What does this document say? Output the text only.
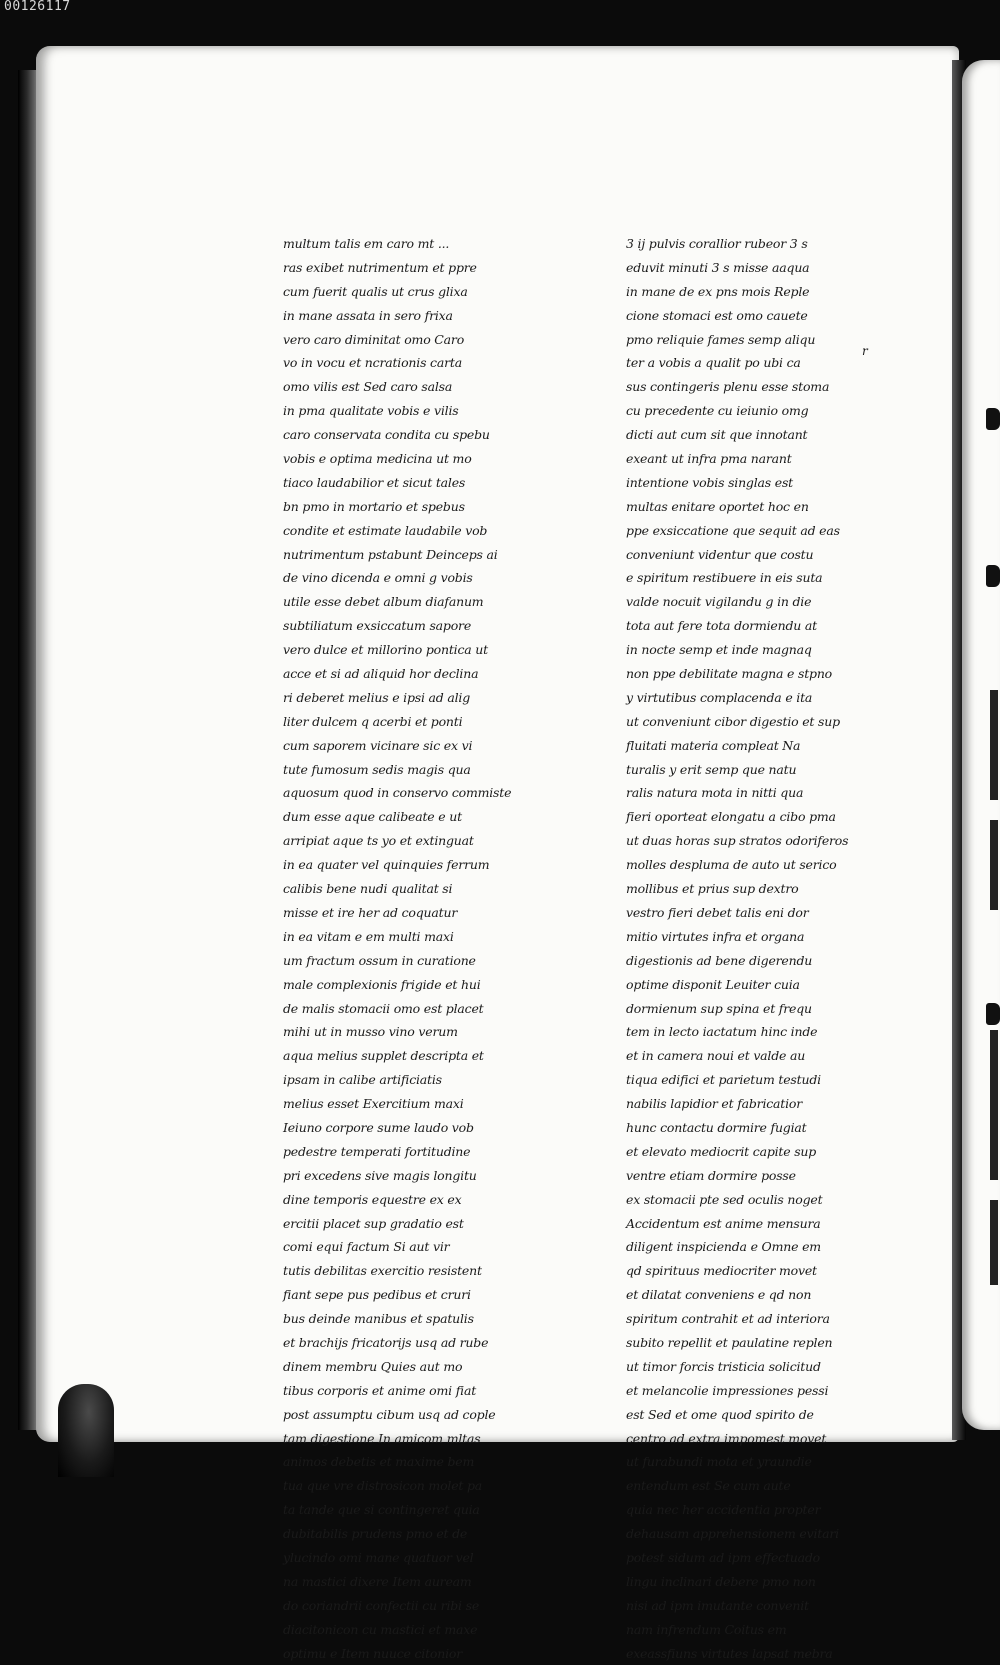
00126117
multum talis em caro mt ...
ras exibet nutrimentum et ppre
cum fuerit qualis ut crus glixa
in mane assata in sero frixa
vero caro diminitat omo Caro
vo in vocu et ncrationis carta
omo vilis est Sed caro salsa
in pma qualitate vobis e vilis
caro conservata condita cu spebu
vobis e optima medicina ut mo
tiaco laudabilior et sicut tales
bn pmo in mortario et spebus
condite et estimate laudabile vob
nutrimentum pstabunt Deinceps ai
de vino dicenda e omni g vobis
utile esse debet album diafanum
subtiliatum exsiccatum sapore
vero dulce et millorino pontica ut
acce et si ad aliquid hor declina
ri deberet melius e ipsi ad alig
liter dulcem q acerbi et ponti
cum saporem vicinare sic ex vi
tute fumosum sedis magis qua
aquosum quod in conservo commiste
dum esse aque calibeate e ut
arripiat aque ts yo et extinguat
in ea quater vel quinquies ferrum
calibis bene nudi qualitat si
misse et ire her ad coquatur
in ea vitam e em multi maxi
um fractum ossum in curatione
male complexionis frigide et hui
de malis stomacii omo est placet
mihi ut in musso vino verum
aqua melius supplet descripta et
ipsam in calibe artificiatis
melius esset Exercitium maxi
Ieiuno corpore sume laudo vob
pedestre temperati fortitudine
pri excedens sive magis longitu
dine temporis equestre ex ex
ercitii placet sup gradatio est
comi equi factum Si aut vir
tutis debilitas exercitio resistent
fiant sepe pus pedibus et cruri
bus deinde manibus et spatulis
et brachijs fricatorijs usq ad rube
dinem membru Quies aut mo
tibus corporis et anime omi fiat
post assumptu cibum usq ad cople
tam digestione In amicom mltas
animos debetis et maxime bem
tua que vre distrosicon molet pa
ta tande que si contingeret quia
dubitabilis prudens pmo et de
ylucindo omi mane quatuor vel
na mastici dixere Item auream
do coriandrii confectii cu ribi se
diacitonicon cu mastici et maxe
optimu e Item nuuce citonior
3 ij pulvis corallior rubeor 3 s
eduvit minuti 3 s misse aaqua
in mane de ex pns mois Reple
cione stomaci est omo cauete
pmo reliquie fames semp aliqu
ter a vobis a qualit po ubi ca
sus contingeris plenu esse stoma
cu precedente cu ieiunio omg
dicti aut cum sit que innotant
exeant ut infra pma narant
intentione vobis singlas est
multas enitare oportet hoc en
ppe exsiccatione que sequit ad eas
conveniunt videntur que costu
e spiritum restibuere in eis suta
valde nocuit vigilandu g in die
tota aut fere tota dormiendu at
in nocte semp et inde magnaq
non ppe debilitate magna e stpno
y virtutibus complacenda e ita
ut conveniunt cibor digestio et sup
fluitati materia compleat Na
turalis y erit semp que natu
ralis natura mota in nitti qua
fieri oporteat elongatu a cibo pma
ut duas horas sup stratos odoriferos
molles despluma de auto ut serico
mollibus et prius sup dextro
vestro fieri debet talis eni dor
mitio virtutes infra et organa
digestionis ad bene digerendu
optime disponit Leuiter cuia
dormienum sup spina et frequ
tem in lecto iactatum hinc inde
et in camera noui et valde au
tiqua edifici et parietum testudi
nabilis lapidior et fabricatior
hunc contactu dormire fugiat
et elevato mediocrit capite sup
ventre etiam dormire posse
ex stomacii pte sed oculis noget
Accidentum est anime mensura
diligent inspicienda e Omne em
qd spirituus mediocriter movet
et dilatat conveniens e qd non
spiritum contrahit et ad interiora
subito repellit et paulatine replen
ut timor forcis tristicia solicitud
et melancolie impressiones pessi
est Sed et ome quod spirito de
centro ad extra impomest movet
ut furabundi mota et yraundie
entendum est Se cum aute
quia nec her accidentia propter
dehausam apprehensionem evitari
potest sidum ad ipm effectuado
lingu inclinari debere pmo non
nisi ad ipm imutante convenit
nam infrendum Coitus em
exeassfiuns virtutes lapsat mebra
r
